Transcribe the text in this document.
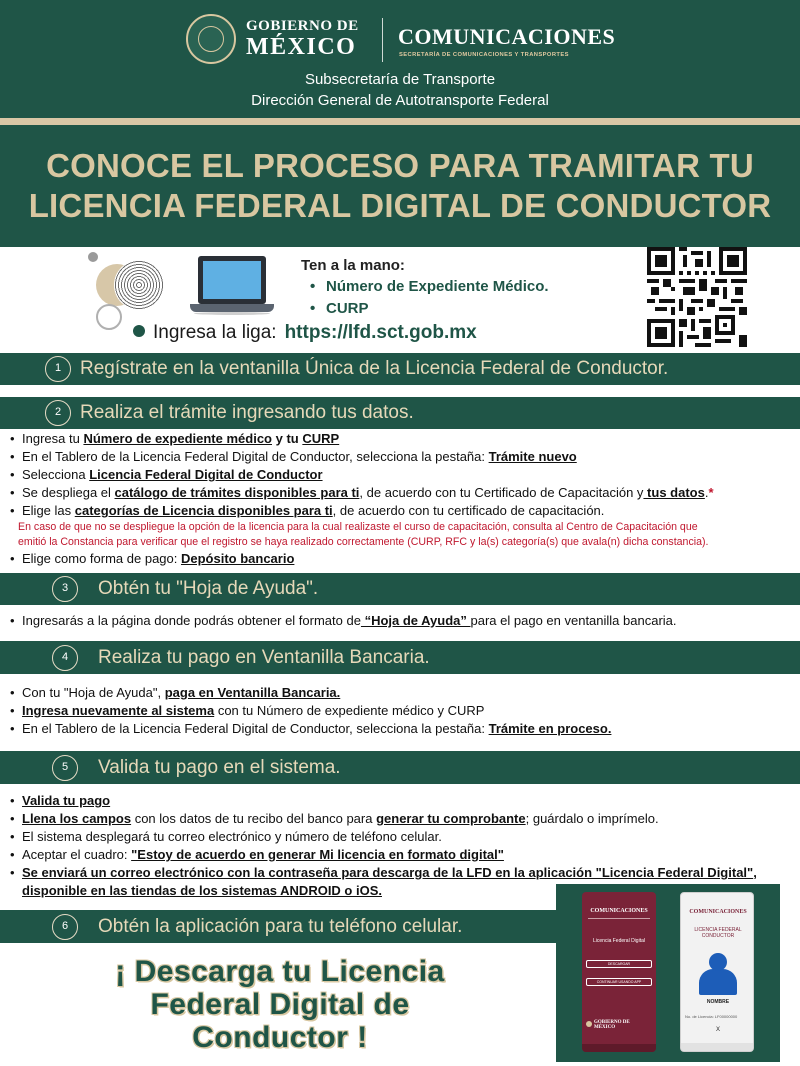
GOBIERNO DE
MÉXICO COMUNICACIONES
SECRETARÍA DE COMUNICACIONES Y TRANSPORTES
Subsecretaría de Transporte
Dirección General de Autotransporte Federal
CONOCE EL PROCESO PARA TRAMITAR TU
LICENCIA FEDERAL DIGITAL DE CONDUCTOR
Ten a la mano:
• Número de Expediente Médico.
• CURP
Ingresa la liga: https://lfd.sct.gob.mx
1 Regístrate en la ventanilla Única de la Licencia Federal de Conductor.
2 Realiza el trámite ingresando tus datos.
• Ingresa tu Número de expediente médico y tu CURP
• En el Tablero de la Licencia Federal Digital de Conductor, selecciona la pestaña: Trámite nuevo
• Selecciona Licencia Federal Digital de Conductor
• Se despliega el catálogo de trámites disponibles para ti, de acuerdo con tu Certificado de Capacitación y tus datos.*
• Elige las categorías de Licencia disponibles para ti, de acuerdo con tu certificado de capacitación.
En caso de que no se despliegue la opción de la licencia para la cual realizaste el curso de capacitación, consulta al Centro de Capacitación que
emitió la Constancia para verificar que el registro se haya realizado correctamente (CURP, RFC y la(s) categoría(s) que avala(n) dicha constancia).
• Elige como forma de pago: Depósito bancario
3	Obtén tu "Hoja de Ayuda".
• Ingresarás a la página donde podrás obtener el formato de “Hoja de Ayuda” para el pago en ventanilla bancaria.
4	Realiza tu pago en Ventanilla Bancaria.
• Con tu "Hoja de Ayuda", paga en Ventanilla Bancaria.
• Ingresa nuevamente al sistema con tu Número de expediente médico y CURP
• En el Tablero de la Licencia Federal Digital de Conductor, selecciona la pestaña: Trámite en proceso.
5	Valida tu pago en el sistema.
• Valida tu pago
• Llena los campos con los datos de tu recibo del banco para generar tu comprobante; guárdalo o imprímelo.
• El sistema desplegará tu correo electrónico y número de teléfono celular.
• Aceptar el cuadro: "Estoy de acuerdo en generar Mi licencia en formato digital"
• Se enviará un correo electrónico con la contraseña para descarga de la LFD en la aplicación "Licencia Federal Digital",
disponible en las tiendas de los sistemas ANDROID o iOS.
6	Obtén la aplicación para tu teléfono celular.
COMUNICACIONES
Licencia Federal Digital
DESCARGAR
CONTINUAR USANDO APP
GOBIERNO DE
MÉXICO
COMUNICACIONES
LICENCIA FEDERAL
CONDUCTOR
NOMBRE
No. de Licencia: LF00000000
X
¡ Descarga tu Licencia
Federal Digital de
Conductor !
